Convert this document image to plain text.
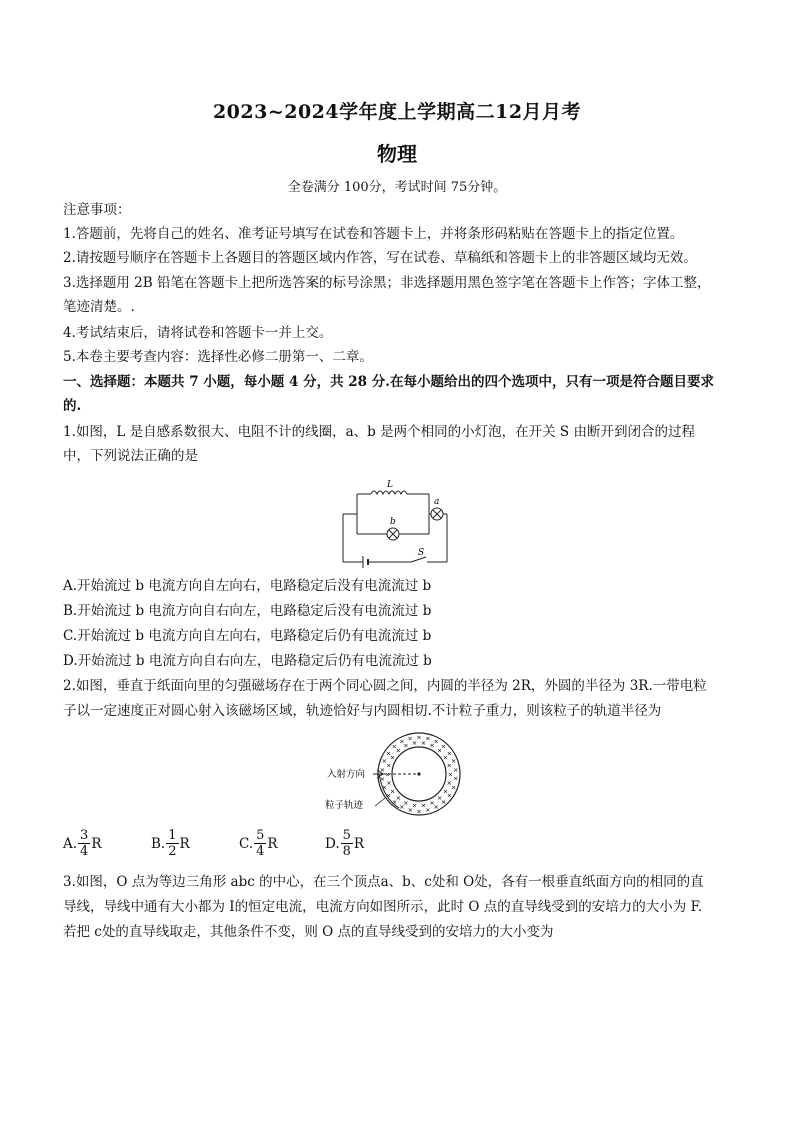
2023~2024学年度上学期高二12月月考
物理
全卷满分 100分，考试时间 75分钟。
注意事项：
1.答题前，先将自己的姓名、准考证号填写在试卷和答题卡上，并将条形码粘贴在答题卡上的指定位置。
2.请按题号顺序在答题卡上各题目的答题区域内作答，写在试卷、草稿纸和答题卡上的非答题区域均无效。
3.选择题用 2B 铅笔在答题卡上把所选答案的标号涂黑；非选择题用黑色签字笔在答题卡上作答；字体工整，
笔迹清楚。.
4.考试结束后，请将试卷和答题卡一并上交。
5.本卷主要考查内容：选择性必修二册第一、二章。
一、选择题：本题共 7 小题，每小题 4 分，共 28 分.在每小题给出的四个选项中，只有一项是符合题目要求
的.
1.如图，L 是自感系数很大、电阻不计的线圈，a、b 是两个相同的小灯泡，在开关 S 由断开到闭合的过程
中，下列说法正确的是
L
a
b
S
A.开始流过 b 电流方向自左向右，电路稳定后没有电流流过 b
B.开始流过 b 电流方向自右向左，电路稳定后没有电流流过 b
C.开始流过 b 电流方向自左向右，电路稳定后仍有电流流过 b
D.开始流过 b 电流方向自右向左，电路稳定后仍有电流流过 b
2.如图，垂直于纸面向里的匀强磁场存在于两个同心圆之间，内圆的半径为 2R，外圆的半径为 3R.一带电粒
子以一定速度正对圆心射入该磁场区域，轨迹恰好与内圆相切.不计粒子重力，则该粒子的轨道半径为
×
×
×
×
×
×
×
×
×
×
×
×
×
×
×
× × × ×
×
×
×
×
×
×
×
×
×
×
×
×
×
×
×
×
×
×
×
×
× × × × ×
×
×
×
×
入射方向
粒子轨迹
A. $\frac{3}{4}$ R	B. $\frac{1}{2}$ R	C. $\frac{5}{4}$ R	D. $\frac{5}{8}$ R
3.如图，O 点为等边三角形 abc 的中心，在三个顶点a、b、c处和 O处，各有一根垂直纸面方向的相同的直
导线，导线中通有大小都为 I的恒定电流，电流方向如图所示，此时 O 点的直导线受到的安培力的大小为 F.
若把 c处的直导线取走，其他条件不变，则 O 点的直导线受到的安培力的大小变为
